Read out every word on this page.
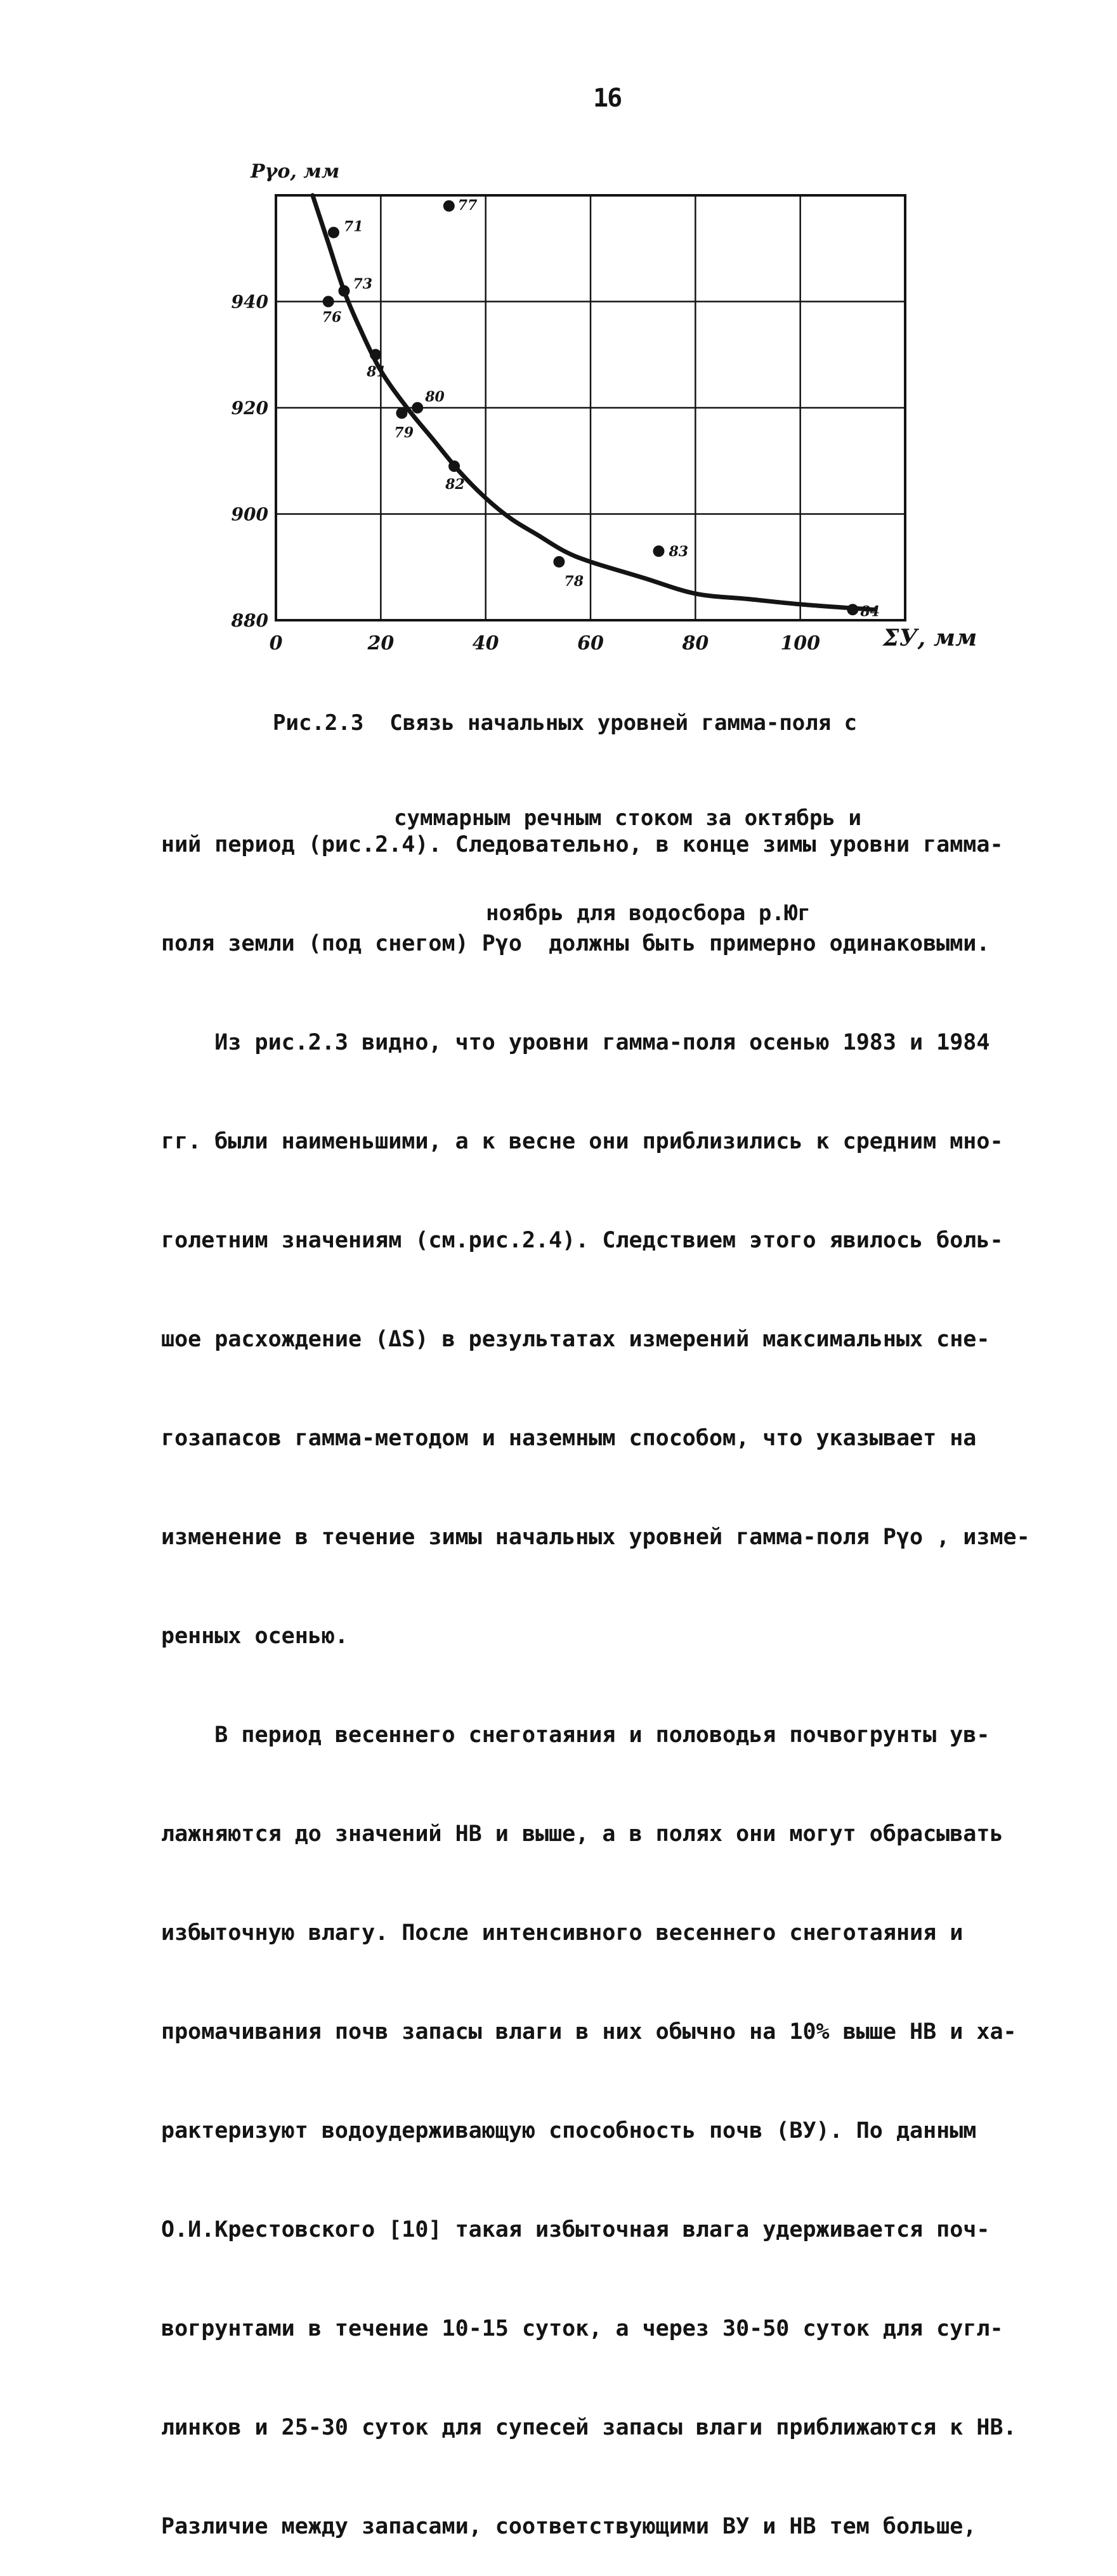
16
71
77
73
76
81
80
79
82
83
78
84
0	20	40	60	80	100
880
900
920
940
Pγo, мм
ΣУ, мм

Рис.2.3  Связь начальных уровней гамма-поля с

суммарным речным стоком за октябрь и

ноябрь для водосбора р.Юг

ний период (рис.2.4). Следовательно, в конце зимы уровни гамма-

поля земли (под снегом) Pγo  должны быть примерно одинаковыми.

Из рис.2.3 видно, что уровни гамма-поля осенью 1983 и 1984

гг. были наименьшими, а к весне они приблизились к средним мно-

голетним значениям (см.рис.2.4). Следствием этого явилось боль-

шое расхождение (ΔS) в результатах измерений максимальных сне-

гозапасов гамма-методом и наземным способом, что указывает на

изменение в течение зимы начальных уровней гамма-поля Pγo , изме-

ренных осенью.

В период весеннего снеготаяния и половодья почвогрунты ув-

лажняются до значений НВ и выше, а в полях они могут обрасывать

избыточную влагу. После интенсивного весеннего снеготаяния и

промачивания почв запасы влаги в них обычно на 10% выше НВ и ха-

рактеризуют водоудерживающую способность почв (ВУ). По данным

О.И.Крестовского [10] такая избыточная влага удерживается поч-

вогрунтами в течение 10-15 суток, а через 30-50 суток для сугл-

линков и 25-30 суток для супесей запасы влаги приближаются к НВ.

Различие между запасами, соответствующими ВУ и НВ тем больше,
